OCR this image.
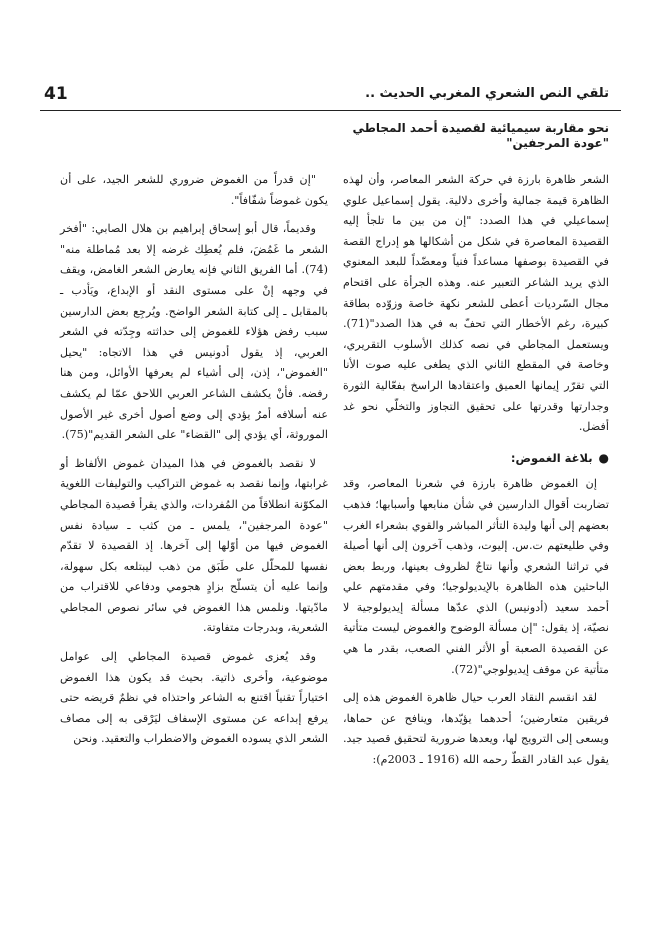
41	تلقي النص الشعري المغربي الحديث ..
نحو مقاربة سيميائية لقصيدة أحمد المجاطي
"عودة المرجفين"

الشعر ظاهرة بارزة في حركة الشعر المعاصر، وأن لهذه الظاهرة قيمة جمالية وأخرى دلالية. يقول إسماعيل علوي إسماعيلي في هذا الصدد: "إن من بين ما تلجأ إليه القصيدة المعاصرة في شكل من أشكالها هو إدراج القصة في القصيدة بوصفها مساعداً فنياً ومعضّداً للبعد المعنوي الذي يريد الشاعر التعبير عنه. وهذه الجرأة على اقتحام مجال السّرديات أعطى للشعر نكهة خاصة وزوّده بطاقة كبيرة، رغم الأخطار التي تحفّ به في هذا الصدد"(71). ويستعمل المجاطي في نصه كذلك الأسلوب التقريري، وخاصة في المقطع الثاني الذي يطغى عليه صوت الأنا التي تقرّر إيمانها العميق واعتقادها الراسخ بفعّالية الثورة وجدارتها وقدرتها على تحقيق التجاوز والتخلّي نحو غد أفضل.

●بلاغة الغموض:

إن الغموض ظاهرة بارزة في شعرنا المعاصر، وقد تضاربت أقوال الدارسين في شأن منابعها وأسبابها؛ فذهب بعضهم إلى أنها وليدة التأثر المباشر والقوي بشعراء الغرب وفي طليعتهم ت.س. إليوت، وذهب آخرون إلى أنها أصيلة في تراثنا الشعري وأنها نتاجٌ لظروف بعينها، وربط بعض الباحثين هذه الظاهرة بالإيديولوجيا؛ وفي مقدمتهم علي أحمد سعيد (أدونيس) الذي عدّها مسألة إيديولوجية لا نصيّة، إذ يقول: "إن مسألة الوضوح والغموض ليست متأتية عن القصيدة الصعبة أو الأثر الفني الصعب، بقدر ما هي متأتية عن موقف إيديولوجي"(72).

لقد انقسم النقاد العرب حيال ظاهرة الغموض هذه إلى فريقين متعارضين؛ أحدهما يؤيّدها، وينافح عن حماها، ويسعى إلى الترويج لها، ويعدها ضرورية لتحقيق قصيد جيد. يقول عبد القادر القطّ رحمه الله (1916 ـ 2003م):

"إن قدراً من الغموض ضروري للشعر الجيد، على أن يكون غموضاً شفّافاً".

وقديماً، قال أبو إسحاق إبراهيم بن هلال الصابي: "أفخر الشعر ما غَمُضَ، فلم يُعطِك غرضه إلا بعد مُماطلة منه"(74). أما الفريق الثاني فإنه يعارض الشعر الغامض، ويقف في وجهه إنْ على مستوى النقد أو الإبداع، ويَأدب ـ بالمقابل ـ إلى كتابة الشعر الواضح. ويُرجِع بعض الدارسين سبب رفض هؤلاء للغموض إلى حداثته وجِدّته في الشعر العربي، إذ يقول أدونيس في هذا الاتجاه: "يحيل "الغموض"، إذن، إلى أشياء لم يعرفها الأوائل، ومن هنا رفضه. فأنْ يكشف الشاعر العربي اللاحق عمّا لم يكشف عنه أسلافه أمرٌ يؤدي إلى وضع أصول أخرى غير الأصول الموروثة، أي يؤدي إلى "القضاء" على الشعر القديم"(75).

لا نقصد بالغموض في هذا الميدان غموض الألفاظ أو غرابتها، وإنما نقصد به غموض التراكيب والتوليفات اللغوية المكوّنة انطلاقاً من المُفردات، والذي يقرأ قصيدة المجاطي "عودة المرجفين"، يلمس ـ من كثب ـ سيادة نفس الغموض فيها من أوّلها إلى آخرها. إذ القصيدة لا تقدّم نفسها للمحلّل على طَبَق من ذهب ليبتلعه بكل سهولة، وإنما عليه أن يتسلّح بزادٍ هجومي ودفاعي للاقتراب من مادّيتها. ونلمس هذا الغموض في سائر نصوص المجاطي الشعرية، وبدرجات متفاوتة.

وقد يُعزى غموض قصيدة المجاطي إلى عوامل موضوعية، وأخرى ذاتية. بحيث قد يكون هذا الغموض اختياراً تقنياً اقتنع به الشاعر واحتذاه في نظمٌ قريضه حتى يرفع إبداعه عن مستوى الإسفاف ليَرْقى به إلى مصاف الشعر الذي يسوده الغموض والاضطراب والتعقيد. ونحن
